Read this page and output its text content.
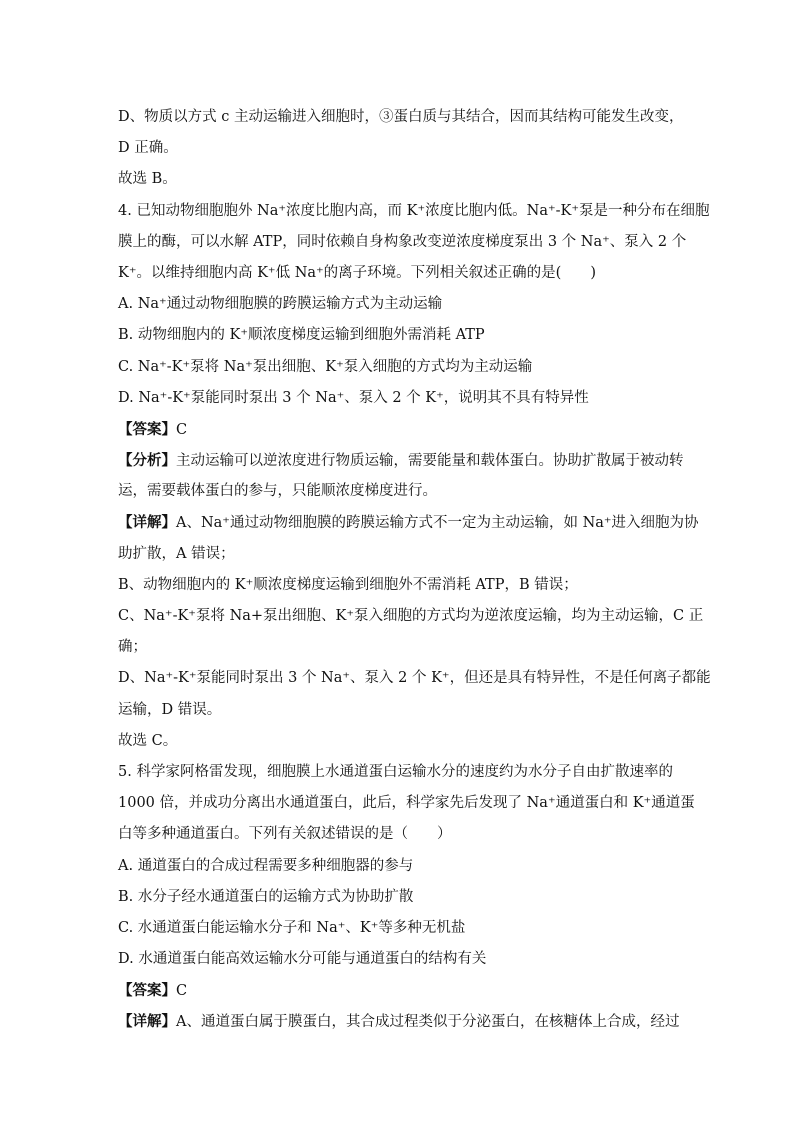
D、物质以方式 c 主动运输进入细胞时，③蛋白质与其结合，因而其结构可能发生改变，
D 正确。
故选 B。
4. 已知动物细胞胞外 Na⁺浓度比胞内高，而 K⁺浓度比胞内低。Na⁺-K⁺泵是一种分布在细胞
膜上的酶，可以水解 ATP，同时依赖自身构象改变逆浓度梯度泵出 3 个 Na⁺、泵入 2 个
K⁺。以维持细胞内高 K⁺低 Na⁺的离子环境。下列相关叙述正确的是(　　)
A. Na⁺通过动物细胞膜的跨膜运输方式为主动运输
B. 动物细胞内的 K⁺顺浓度梯度运输到细胞外需消耗 ATP
C. Na⁺-K⁺泵将 Na⁺泵出细胞、K⁺泵入细胞的方式均为主动运输
D. Na⁺-K⁺泵能同时泵出 3 个 Na⁺、泵入 2 个 K⁺，说明其不具有特异性
【答案】C
【分析】主动运输可以逆浓度进行物质运输，需要能量和载体蛋白。协助扩散属于被动转
运，需要载体蛋白的参与，只能顺浓度梯度进行。
【详解】A、Na⁺通过动物细胞膜的跨膜运输方式不一定为主动运输，如 Na⁺进入细胞为协
助扩散，A 错误；
B、动物细胞内的 K⁺顺浓度梯度运输到细胞外不需消耗 ATP，B 错误；
C、Na⁺-K⁺泵将 Na+泵出细胞、K⁺泵入细胞的方式均为逆浓度运输，均为主动运输，C 正
确；
D、Na⁺-K⁺泵能同时泵出 3 个 Na⁺、泵入 2 个 K⁺，但还是具有特异性，不是任何离子都能
运输，D 错误。
故选 C。
5. 科学家阿格雷发现，细胞膜上水通道蛋白运输水分的速度约为水分子自由扩散速率的
1000 倍，并成功分离出水通道蛋白，此后，科学家先后发现了 Na⁺通道蛋白和 K⁺通道蛋
白等多种通道蛋白。下列有关叙述错误的是（　　）
A. 通道蛋白的合成过程需要多种细胞器的参与
B. 水分子经水通道蛋白的运输方式为协助扩散
C. 水通道蛋白能运输水分子和 Na⁺、K⁺等多种无机盐
D. 水通道蛋白能高效运输水分可能与通道蛋白的结构有关
【答案】C
【详解】A、通道蛋白属于膜蛋白，其合成过程类似于分泌蛋白，在核糖体上合成，经过
